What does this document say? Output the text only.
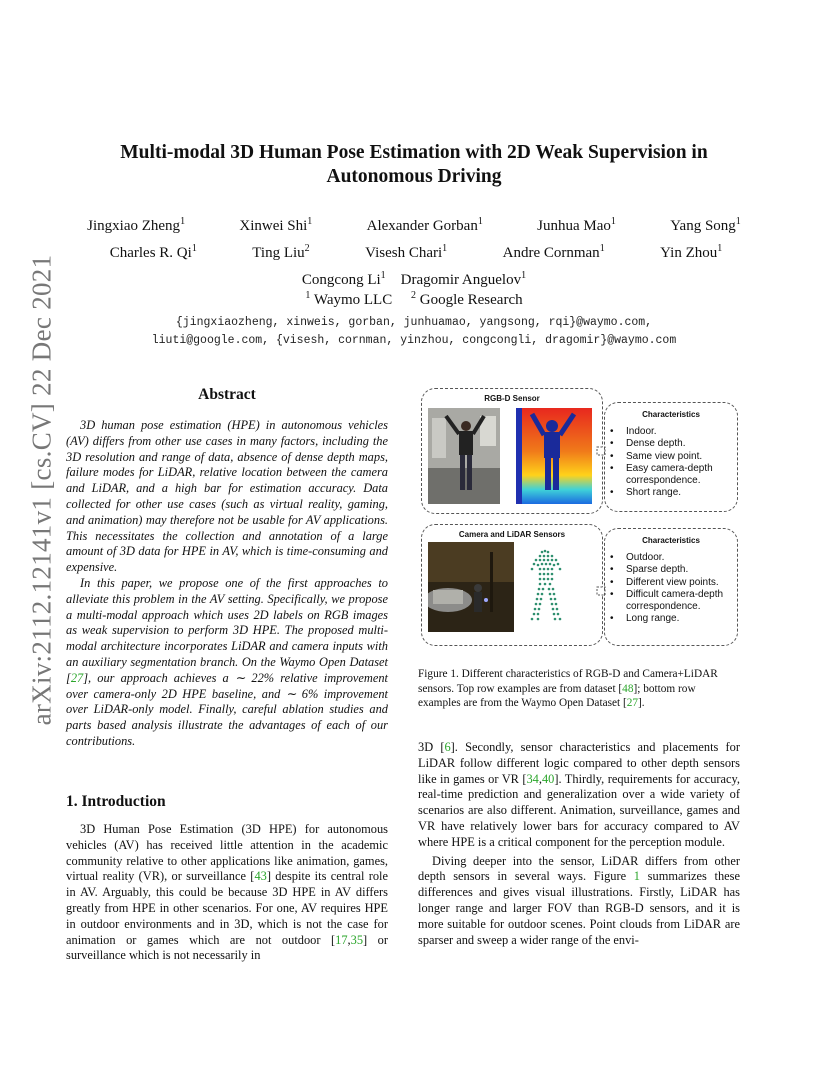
arXiv:2112.12141v1 [cs.CV] 22 Dec 2021
Multi-modal 3D Human Pose Estimation with 2D Weak Supervision in
Autonomous Driving
Jingxiao Zheng$^1$	Xinwei Shi$^1$	Alexander Gorban$^1$	Junhua Mao$^1$	Yang Song$^1$
Charles R. Qi$^1$	Ting Liu$^2$	Visesh Chari$^1$	Andre Cornman$^1$	Yin Zhou$^1$
Congcong Li$^1$ Dragomir Anguelov$^1$
$^1$ Waymo LLC $^2$ Google Research
{jingxiaozheng, xinweis, gorban, junhuamao, yangsong, rqi}@waymo.com,
liuti@google.com, {visesh, cornman, yinzhou, congcongli, dragomir}@waymo.com
Abstract

3D human pose estimation (HPE) in autonomous vehicles (AV) differs from other use cases in many factors, including the 3D resolution and range of data, absence of dense depth maps, failure modes for LiDAR, relative location between the camera and LiDAR, and a high bar for estimation accuracy. Data collected for other use cases (such as virtual reality, gaming, and animation) may therefore not be usable for AV applications. This necessitates the collection and annotation of a large amount of 3D data for HPE in AV, which is time-consuming and expensive.

In this paper, we propose one of the first approaches to alleviate this problem in the AV setting. Specifically, we propose a multi-modal approach which uses 2D labels on RGB images as weak supervision to perform 3D HPE. The proposed multi-modal architecture incorporates LiDAR and camera inputs with an auxiliary segmentation branch. On the Waymo Open Dataset [27], our approach achieves a ∼ 22% relative improvement over camera-only 2D HPE baseline, and ∼ 6% improvement over LiDAR-only model. Finally, careful ablation studies and parts based analysis illustrate the advantages of each of our contributions.

1. Introduction

3D Human Pose Estimation (3D HPE) for autonomous vehicles (AV) has received little attention in the academic community relative to other applications like animation, games, virtual reality (VR), or surveillance [43] despite its central role in AV. Arguably, this could be because 3D HPE in AV differs greatly from HPE in other scenarios. For one, AV requires HPE in outdoor environments and in 3D, which is not the case for animation or games which are not outdoor [17,35] or surveillance which is not necessarily in

RGB-D Sensor
Characteristics
• Indoor.
• Dense depth.
• Same view point.
• Easy camera-depth correspondence.
• Short range.
Camera and LiDAR Sensors
Characteristics
• Outdoor.
• Sparse depth.
• Different view points.
• Difficult camera-depth correspondence.
• Long range.
Figure 1. Different characteristics of RGB-D and Camera+LiDAR sensors. Top row examples are from dataset [48]; bottom row examples are from the Waymo Open Dataset [27].

3D [6]. Secondly, sensor characteristics and placements for LiDAR follow different logic compared to other depth sensors like in games or VR [34,40]. Thirdly, requirements for accuracy, real-time prediction and generalization over a wide variety of scenarios are also different. Animation, surveillance, games and VR have relatively lower bars for accuracy compared to AV where HPE is a critical component for the perception module.

Diving deeper into the sensor, LiDAR differs from other depth sensors in several ways. Figure 1 summarizes these differences and gives visual illustrations. Firstly, LiDAR has longer range and larger FOV than RGB-D sensors, and it is more suitable for outdoor scenes. Point clouds from LiDAR are sparser and sweep a wider range of the envi-
